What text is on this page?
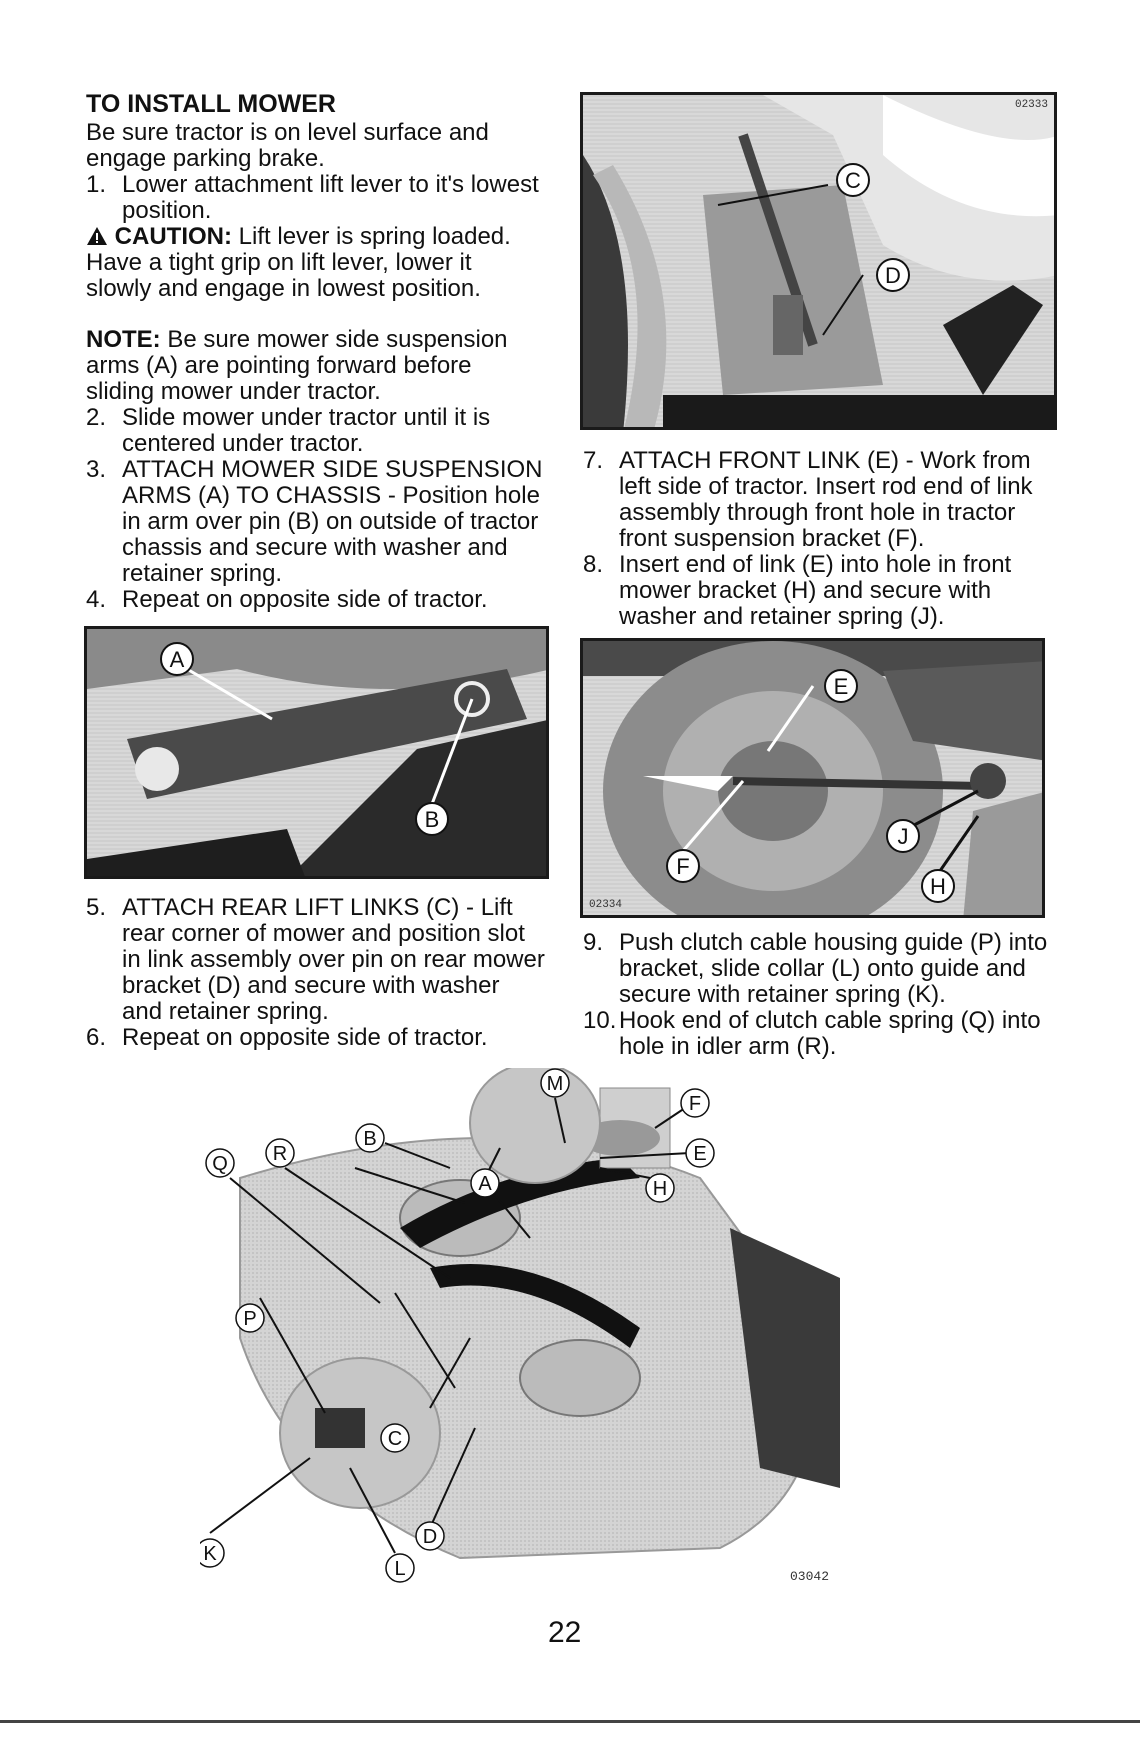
TO INSTALL MOWER
Be sure tractor is on level surface and engage parking brake.
1. Lower attachment lift lever to it's lowest position.
CAUTION: Lift lever is spring loaded. Have a tight grip on lift lever, lower it slowly and engage in lowest position.
NOTE: Be sure mower side suspension arms (A) are pointing forward before sliding mower under tractor.
2. Slide mower under tractor until it is centered under tractor.
3. ATTACH MOWER SIDE SUSPENSION ARMS (A) TO CHASSIS - Position hole in arm over pin (B) on outside of tractor chassis and secure with washer and retainer spring.
4. Repeat on opposite side of tractor.
A
B
5. ATTACH REAR LIFT LINKS (C) - Lift rear corner of mower and position slot in link assembly over pin on rear mower bracket (D) and secure with washer and retainer spring.
6. Repeat on opposite side of tractor.
C
D
02333
7. ATTACH FRONT LINK (E) - Work from left side of tractor. Insert rod end of link assembly through front hole in tractor front suspension bracket (F).
8. Insert end of link (E) into hole in front mower bracket (H) and secure with washer and retainer spring (J).
E
F
J
H
02334
9. Push clutch cable housing guide (P) into bracket, slide collar (L) onto guide and secure with retainer spring (K).
10. Hook end of clutch cable spring (Q) into hole in idler arm (R).
M
F
B
Q R	E
H
A
P
C
D
K
L	03042
22
